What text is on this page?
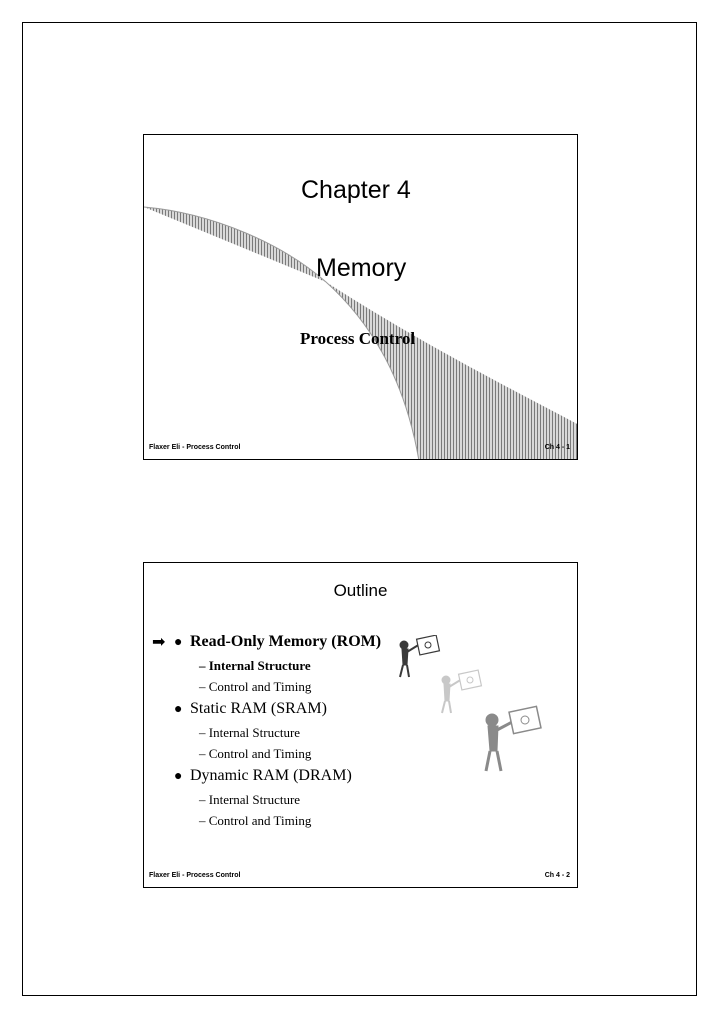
Chapter 4
Memory
Process Control
Flaxer Eli - Process Control	Ch 4 - 1
Outline
➡ ● Read-Only Memory (ROM)
– Internal Structure
– Control and Timing
● Static RAM (SRAM)
– Internal Structure
– Control and Timing
● Dynamic RAM (DRAM)
– Internal Structure
– Control and Timing
Flaxer Eli - Process Control	Ch 4 - 2
